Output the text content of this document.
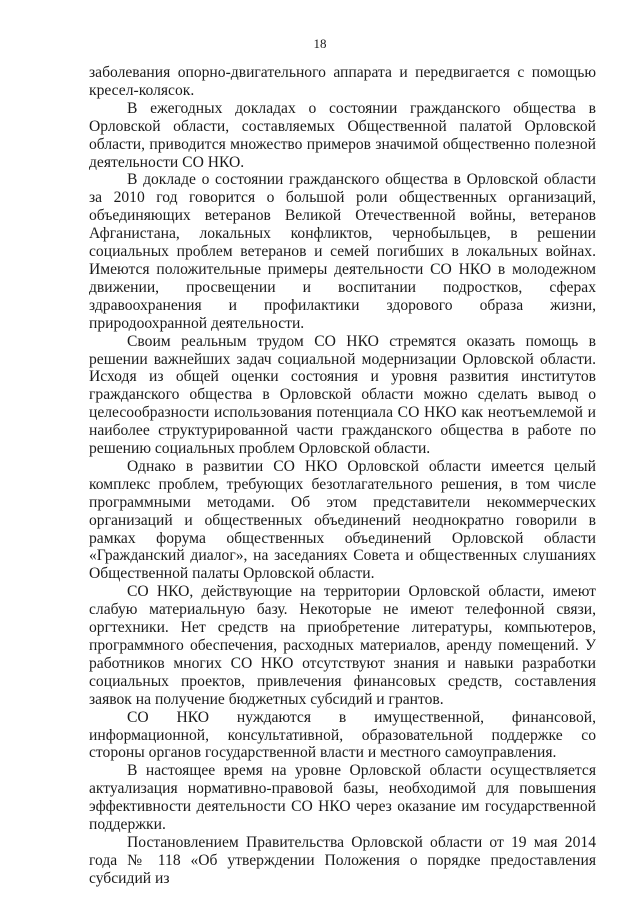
18

заболевания опорно-двигательного аппарата и передвигается с помощью кресел-колясок.

В ежегодных докладах о состоянии гражданского общества в Орловской области, составляемых Общественной палатой Орловской области, приводится множество примеров значимой общественно полезной деятельности СО НКО.

В докладе о состоянии гражданского общества в Орловской области за 2010 год говорится о большой роли общественных организаций, объединяющих ветеранов Великой Отечественной войны, ветеранов Афганистана, локальных конфликтов, чернобыльцев, в решении социальных проблем ветеранов и семей погибших в локальных войнах. Имеются положительные примеры деятельности СО НКО в молодежном движении, просвещении и воспитании подростков, сферах здравоохранения и профилактики здорового образа жизни, природоохранной деятельности.

Своим реальным трудом СО НКО стремятся оказать помощь в решении важнейших задач социальной модернизации Орловской области. Исходя из общей оценки состояния и уровня развития институтов гражданского общества в Орловской области можно сделать вывод о целесообразности использования потенциала СО НКО как неотъемлемой и наиболее структурированной части гражданского общества в работе по решению социальных проблем Орловской области.

Однако в развитии СО НКО Орловской области имеется целый комплекс проблем, требующих безотлагательного решения, в том числе программными методами. Об этом представители некоммерческих организаций и общественных объединений неоднократно говорили в рамках форума общественных объединений Орловской области «Гражданский диалог», на заседаниях Совета и общественных слушаниях Общественной палаты Орловской области.

СО НКО, действующие на территории Орловской области, имеют слабую материальную базу. Некоторые не имеют телефонной связи, оргтехники. Нет средств на приобретение литературы, компьютеров, программного обеспечения, расходных материалов, аренду помещений. У работников многих СО НКО отсутствуют знания и навыки разработки социальных проектов, привлечения финансовых средств, составления заявок на получение бюджетных субсидий и грантов.

СО НКО нуждаются в имущественной, финансовой, информационной, консультативной, образовательной поддержке со стороны органов государственной власти и местного самоуправления.

В настоящее время на уровне Орловской области осуществляется актуализация нормативно-правовой базы, необходимой для повышения эффективности деятельности СО НКО через оказание им государственной поддержки.

Постановлением Правительства Орловской области от 19 мая 2014 года № 118 «Об утверждении Положения о порядке предоставления субсидий из
